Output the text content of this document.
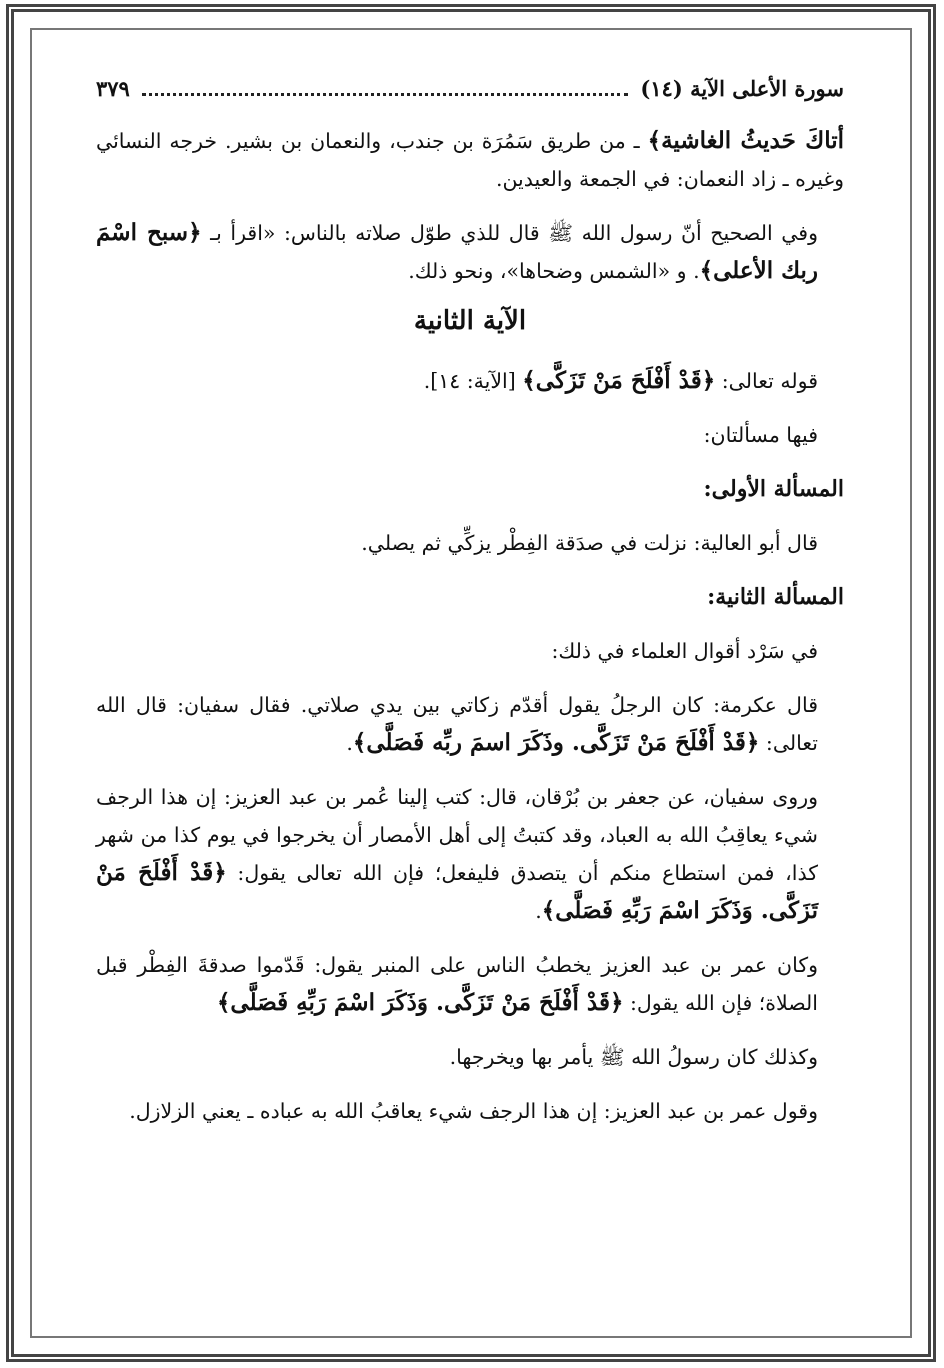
سورة الأعلى الآية (١٤)
٣٧٩

أتاكَ حَديثُ الغاشية﴾ ـ من طريق سَمُرَة بن جندب، والنعمان بن بشير. خرجه النسائي وغيره ـ زاد النعمان: في الجمعة والعيدين.

وفي الصحيح أنّ رسول الله ﷺ قال للذي طوّل صلاته بالناس: «اقرأ بـ ﴿سبح اسْمَ ربك الأعلى﴾. و «الشمس وضحاها»، ونحو ذلك.

الآية الثانية

قوله تعالى: ﴿قَدْ أَفْلَحَ مَنْ تَزَكَّى﴾ [الآية: ١٤].

فيها مسألتان:

المسألة الأولى:

قال أبو العالية: نزلت في صدَقة الفِطْر يزكِّي ثم يصلي.

المسألة الثانية:

في سَرْد أقوال العلماء في ذلك:

قال عكرمة: كان الرجلُ يقول أقدّم زكاتي بين يدي صلاتي. فقال سفيان: قال الله تعالى: ﴿قَدْ أَفْلَحَ مَنْ تَزَكَّى. وذَكَرَ اسمَ ربِّه فَصَلَّى﴾.

وروى سفيان، عن جعفر بن بُرْقان، قال: كتب إلينا عُمر بن عبد العزيز: إن هذا الرجف شيء يعاقِبُ الله به العباد، وقد كتبتُ إلى أهل الأمصار أن يخرجوا في يوم كذا من شهر كذا، فمن استطاع منكم أن يتصدق فليفعل؛ فإن الله تعالى يقول: ﴿قَدْ أَفْلَحَ مَنْ تَزَكَّى. وَذَكَرَ اسْمَ رَبِّهِ فَصَلَّى﴾.

وكان عمر بن عبد العزيز يخطبُ الناس على المنبر يقول: قَدّموا صدقةَ الفِطْر قبل الصلاة؛ فإن الله يقول: ﴿قَدْ أَفْلَحَ مَنْ تَزَكَّى. وَذَكَرَ اسْمَ رَبِّهِ فَصَلَّى﴾

وكذلك كان رسولُ الله ﷺ يأمر بها ويخرجها.

وقول عمر بن عبد العزيز: إن هذا الرجف شيء يعاقبُ الله به عباده ـ يعني الزلازل.
